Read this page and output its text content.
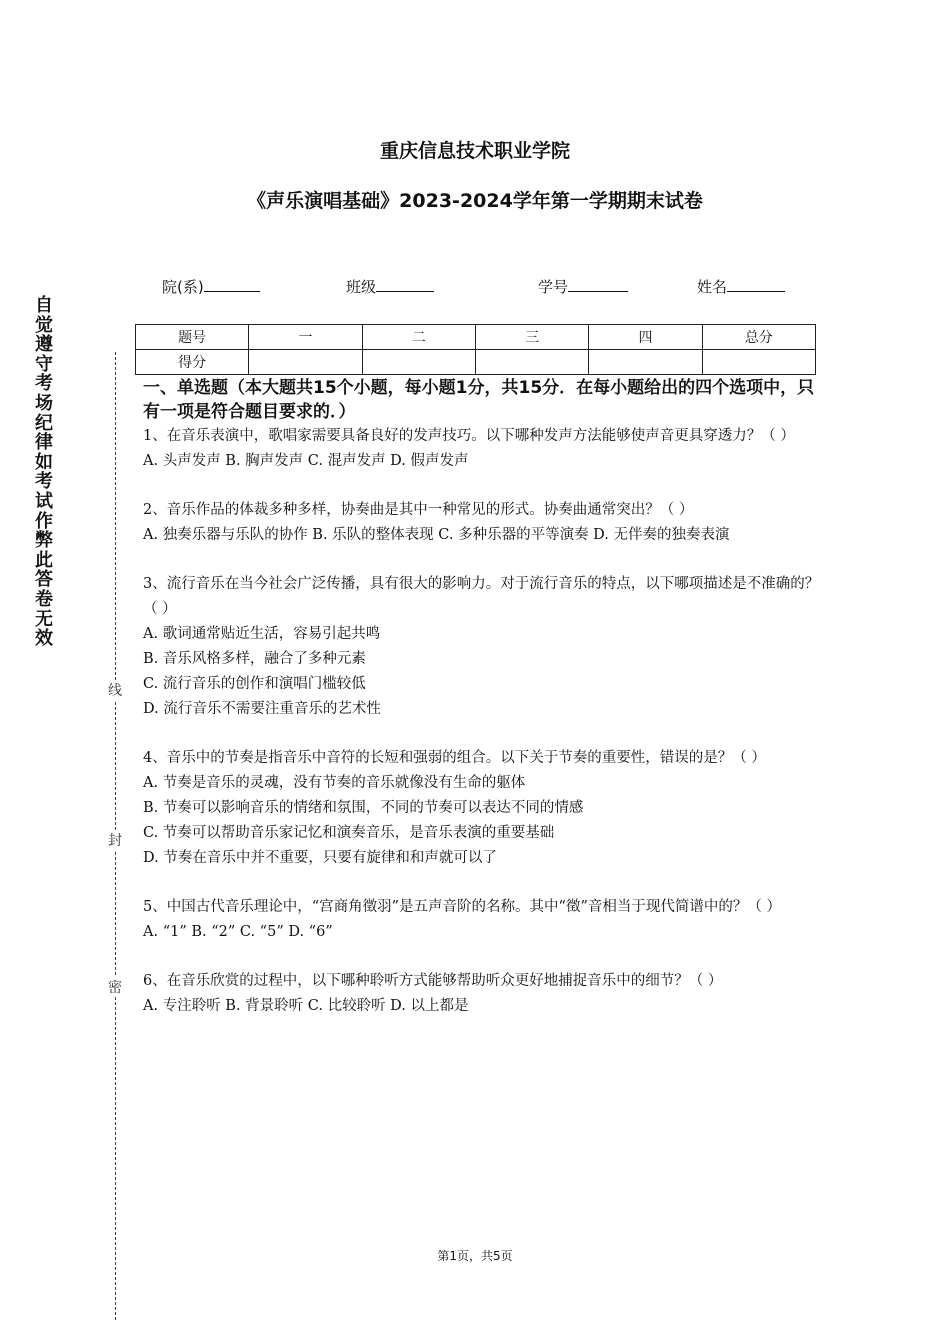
重庆信息技术职业学院
《声乐演唱基础》2023-2024学年第一学期期末试卷
院(系)	班级	学号	姓名
题号	一	二	三	四	总分
得分					
自觉遵守考场纪律如考试作弊此答卷无效
线
封
密

一、单选题（本大题共15个小题，每小题1分，共15分．在每小题给出的四个选项中，只有一项是符合题目要求的．）

1、在音乐表演中，歌唱家需要具备良好的发声技巧。以下哪种发声方法能够使声音更具穿透力？（ ）

A. 头声发声 B. 胸声发声 C. 混声发声 D. 假声发声

2、音乐作品的体裁多种多样，协奏曲是其中一种常见的形式。协奏曲通常突出？（ ）

A. 独奏乐器与乐队的协作 B. 乐队的整体表现 C. 多种乐器的平等演奏 D. 无伴奏的独奏表演

3、流行音乐在当今社会广泛传播，具有很大的影响力。对于流行音乐的特点，以下哪项描述是不准确的？（ ）

A. 歌词通常贴近生活，容易引起共鸣

B. 音乐风格多样，融合了多种元素

C. 流行音乐的创作和演唱门槛较低

D. 流行音乐不需要注重音乐的艺术性

4、音乐中的节奏是指音乐中音符的长短和强弱的组合。以下关于节奏的重要性，错误的是？（ ）

A. 节奏是音乐的灵魂，没有节奏的音乐就像没有生命的躯体

B. 节奏可以影响音乐的情绪和氛围，不同的节奏可以表达不同的情感

C. 节奏可以帮助音乐家记忆和演奏音乐，是音乐表演的重要基础

D. 节奏在音乐中并不重要，只要有旋律和和声就可以了

5、中国古代音乐理论中，“宫商角徵羽”是五声音阶的名称。其中“徵”音相当于现代简谱中的？（ ）

A. “1” B. “2” C. “5” D. “6”

6、在音乐欣赏的过程中，以下哪种聆听方式能够帮助听众更好地捕捉音乐中的细节？（ ）

A. 专注聆听 B. 背景聆听 C. 比较聆听 D. 以上都是

第1页，共5页
